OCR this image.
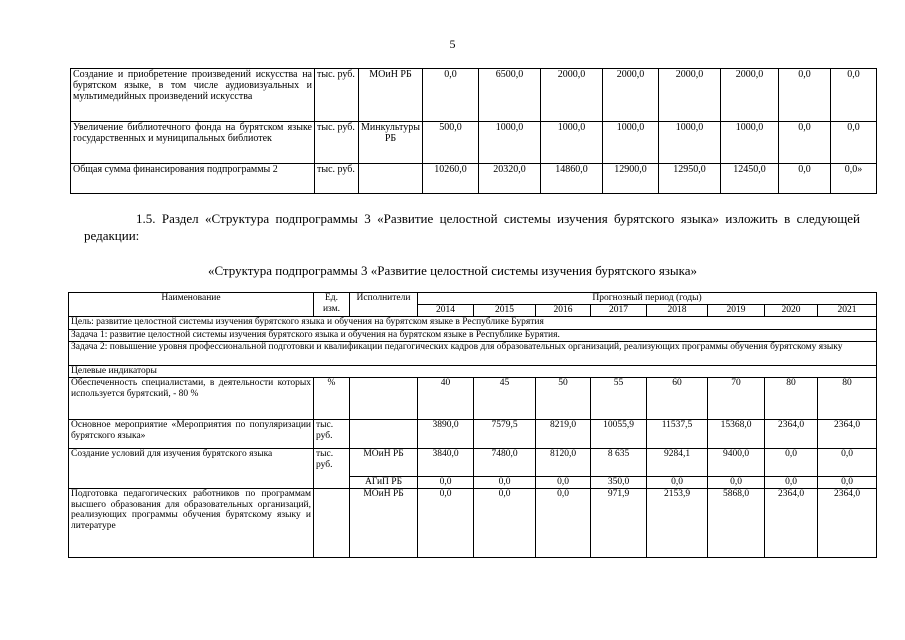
5
Создание и приобретение произведений искусства на бурятском языке, в том числе аудиовизуальных и мультимедийных произведений искусства	тыс. руб.	МОиН РБ	0,0	6500,0	2000,0	2000,0	2000,0	2000,0	0,0	0,0
Увеличение библиотечного фонда на бурятском языке государственных и муниципальных библиотек	тыс. руб.	Минкультуры РБ	500,0	1000,0	1000,0	1000,0	1000,0	1000,0	0,0	0,0
Общая сумма финансирования подпрограммы 2	тыс. руб.		10260,0	20320,0	14860,0	12900,0	12950,0	12450,0	0,0	0,0»
1.5. Раздел «Структура подпрограммы 3 «Развитие целостной системы изучения бурятского языка» изложить в следующей редакции:
«Структура подпрограммы 3 «Развитие целостной системы изучения бурятского языка»
Наименование	Ед. изм.	Исполнители	Прогнозный период (годы)							
			2014	2015	2016	2017	2018	2019	2020	2021
Цель: развитие целостной системы изучения бурятского языка и обучения на бурятском языке в Республике Бурятия										
Задача 1: развитие целостной системы изучения бурятского языка и обучения на бурятском языке в Республике Бурятия.										
Задача 2: повышение уровня профессиональной подготовки и квалификации педагогических кадров для образовательных организаций, реализующих программы обучения бурятскому языку										
Целевые индикаторы										
Обеспеченность специалистами, в деятельности которых используется бурятский, - 80 %	%		40	45	50	55	60	70	80	80
Основное мероприятие «Мероприятия по популяризации бурятского языка»	тыс. руб.		3890,0	7579,5	8219,0	10055,9	11537,5	15368,0	2364,0	2364,0
Создание условий для изучения бурятского языка	тыс. руб.	МОиН РБ	3840,0	7480,0	8120,0	8 635	9284,1	9400,0	0,0	0,0
		АГиП РБ	0,0	0,0	0,0	350,0	0,0	0,0	0,0	0,0
Подготовка педагогических работников по программам высшего образования для образовательных организаций, реализующих программы обучения бурятскому языку и литературе		МОиН РБ	0,0	0,0	0,0	971,9	2153,9	5868,0	2364,0	2364,0
